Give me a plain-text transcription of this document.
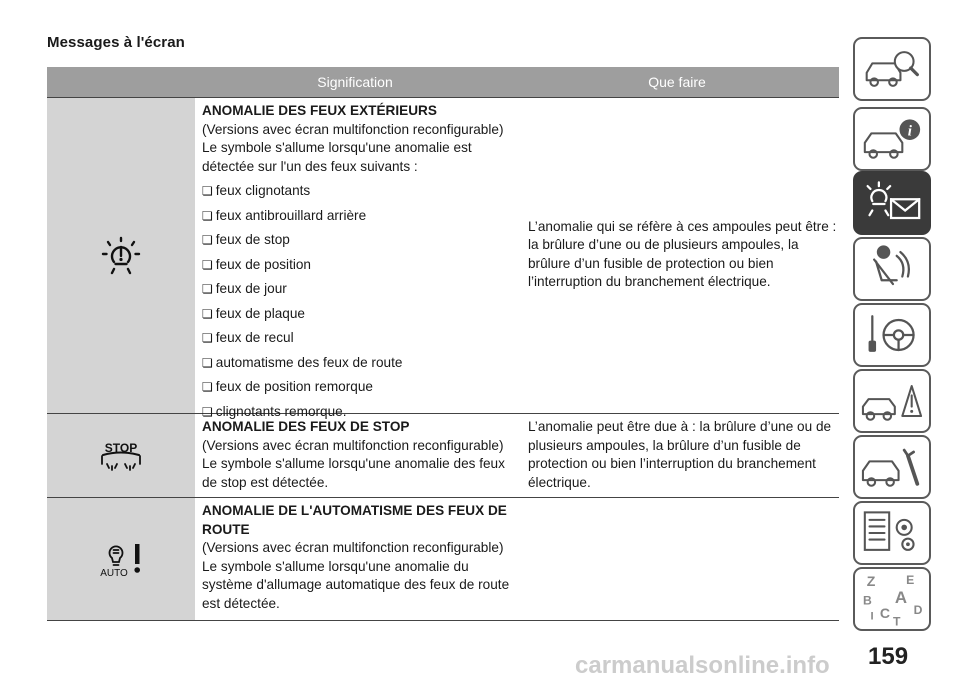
Messages à l'écran
Signification	Que faire
ANOMALIE DES FEUX EXTÉRIEURS
(Versions avec écran multifonction reconfigurable) Le symbole s'allume lorsqu'une anomalie est détectée sur l'un des feux suivants :
❏ feux clignotants
❏ feux antibrouillard arrière
❏ feux de stop
❏ feux de position
❏ feux de jour
❏ feux de plaque
❏ feux de recul
❏ automatisme des feux de route
❏ feux de position remorque
❏ clignotants remorque.
L’anomalie qui se réfère à ces ampoules peut être : la brûlure d’une ou de plusieurs ampoules, la brûlure d’un fusible de protection ou bien l’interruption du branchement électrique.
STOP
ANOMALIE DES FEUX DE STOP
(Versions avec écran multifonction reconfigurable) Le symbole s'allume lorsqu'une anomalie des feux de stop est détectée.
L’anomalie peut être due à : la brûlure d’une ou de plusieurs ampoules, la brûlure d’un fusible de protection ou bien l’interruption du branchement électrique.
AUTO
ANOMALIE DE L'AUTOMATISME DES FEUX DE ROUTE
(Versions avec écran multifonction reconfigurable) Le symbole s'allume lorsqu'une anomalie du système d'allumage automatique des feux de route est détectée.
i
Z E
A
B
C D
I T
carmanualsonline.info 159
